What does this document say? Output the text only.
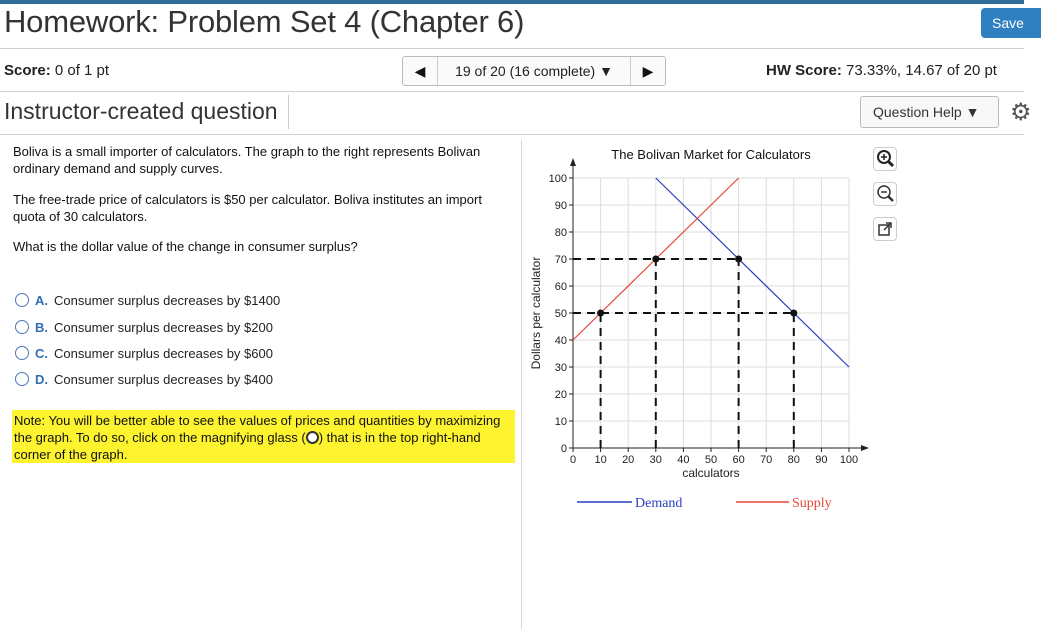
Homework: Problem Set 4 (Chapter 6)	Save
Score: 0 of 1 pt	◀	19 of 20 (16 complete) ▼	▶	HW Score: 73.33%, 14.67 of 20 pt
Instructor-created question	Question Help ▼	⚙
Boliva is a small importer of calculators. The graph to the right represents Bolivan ordinary demand and supply curves.
The free-trade price of calculators is $50 per calculator. Boliva institutes an import quota of 30 calculators.
What is the dollar value of the change in consumer surplus?
A. Consumer surplus decreases by $1400
B. Consumer surplus decreases by $200
C. Consumer surplus decreases by $600
D. Consumer surplus decreases by $400
Note: You will be better able to see the values of prices and quantities by maximizing the graph. To do so, click on the magnifying glass ( ) that is in the top right-hand corner of the graph.
The Bolivan Market for Calculators
0 10 20 30 40 50 60 70 80 90 100
0
10
20
30
40
50
60
70
80
90
100
calculators
Dollars per calculator
Demand	Supply
